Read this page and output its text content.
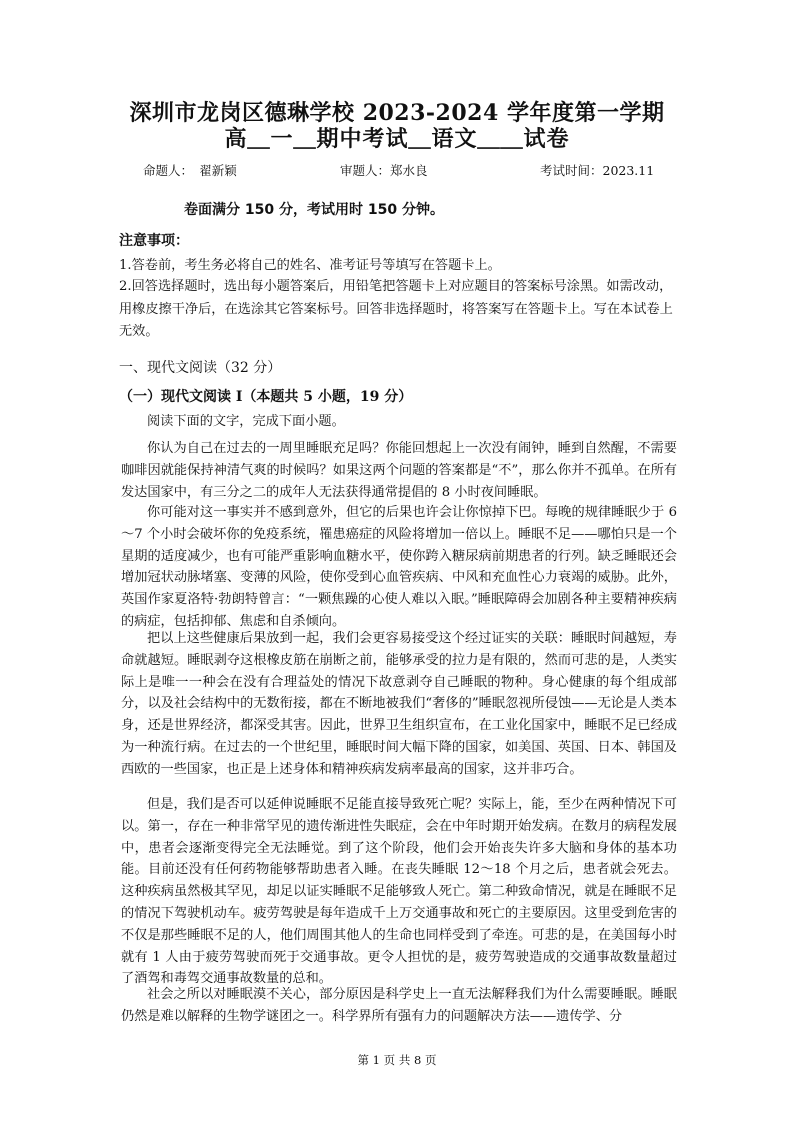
深圳市龙岗区德琳学校 2023-2024 学年度第一学期
高＿一＿期中考试＿语文＿＿试卷
命题人：　翟新颖	审题人：郑水良	考试时间：2023.11
卷面满分 150 分，考试用时 150 分钟。
注意事项：
1.答卷前，考生务必将自己的姓名、准考证号等填写在答题卡上。
2.回答选择题时，选出每小题答案后，用铅笔把答题卡上对应题目的答案标号涂黑。如需改动，用橡皮擦干净后，在选涂其它答案标号。回答非选择题时，将答案写在答题卡上。写在本试卷上无效。
一、现代文阅读（32 分）
（一）现代文阅读 I（本题共 5 小题，19 分）
阅读下面的文字，完成下面小题。
你认为自己在过去的一周里睡眠充足吗？你能回想起上一次没有闹钟，睡到自然醒，不需要咖啡因就能保持神清气爽的时候吗？如果这两个问题的答案都是“不”，那么你并不孤单。在所有发达国家中，有三分之二的成年人无法获得通常提倡的 8 小时夜间睡眠。
你可能对这一事实并不感到意外，但它的后果也许会让你惊掉下巴。每晚的规律睡眠少于 6～7 个小时会破坏你的免疫系统，罹患癌症的风险将增加一倍以上。睡眠不足——哪怕只是一个星期的适度减少，也有可能严重影响血糖水平，使你跨入糖尿病前期患者的行列。缺乏睡眠还会增加冠状动脉堵塞、变薄的风险，使你受到心血管疾病、中风和充血性心力衰竭的威胁。此外，英国作家夏洛特·勃朗特曾言：“一颗焦躁的心使人难以入眠。”睡眠障碍会加剧各种主要精神疾病的病症，包括抑郁、焦虑和自杀倾向。
把以上这些健康后果放到一起，我们会更容易接受这个经过证实的关联：睡眠时间越短，寿命就越短。睡眠剥夺这根橡皮筋在崩断之前，能够承受的拉力是有限的，然而可悲的是，人类实际上是唯一一种会在没有合理益处的情况下故意剥夺自己睡眠的物种。身心健康的每个组成部分，以及社会结构中的无数衔接，都在不断地被我们“奢侈的”睡眠忽视所侵蚀——无论是人类本身，还是世界经济，都深受其害。因此，世界卫生组织宣布，在工业化国家中，睡眠不足已经成为一种流行病。在过去的一个世纪里，睡眠时间大幅下降的国家，如美国、英国、日本、韩国及西欧的一些国家，也正是上述身体和精神疾病发病率最高的国家，这并非巧合。
但是，我们是否可以延伸说睡眠不足能直接导致死亡呢？实际上，能，至少在两种情况下可以。第一，存在一种非常罕见的遗传渐进性失眠症，会在中年时期开始发病。在数月的病程发展中，患者会逐渐变得完全无法睡觉。到了这个阶段，他们会开始丧失许多大脑和身体的基本功能。目前还没有任何药物能够帮助患者入睡。在丧失睡眠 12～18 个月之后，患者就会死去。这种疾病虽然极其罕见，却足以证实睡眠不足能够致人死亡。第二种致命情况，就是在睡眠不足的情况下驾驶机动车。疲劳驾驶是每年造成千上万交通事故和死亡的主要原因。这里受到危害的不仅是那些睡眠不足的人，他们周围其他人的生命也同样受到了牵连。可悲的是，在美国每小时就有 1 人由于疲劳驾驶而死于交通事故。更令人担忧的是，疲劳驾驶造成的交通事故数量超过了酒驾和毒驾交通事故数量的总和。
社会之所以对睡眠漠不关心，部分原因是科学史上一直无法解释我们为什么需要睡眠。睡眠仍然是难以解释的生物学谜团之一。科学界所有强有力的问题解决方法——遗传学、分
第 1 页 共 8 页
